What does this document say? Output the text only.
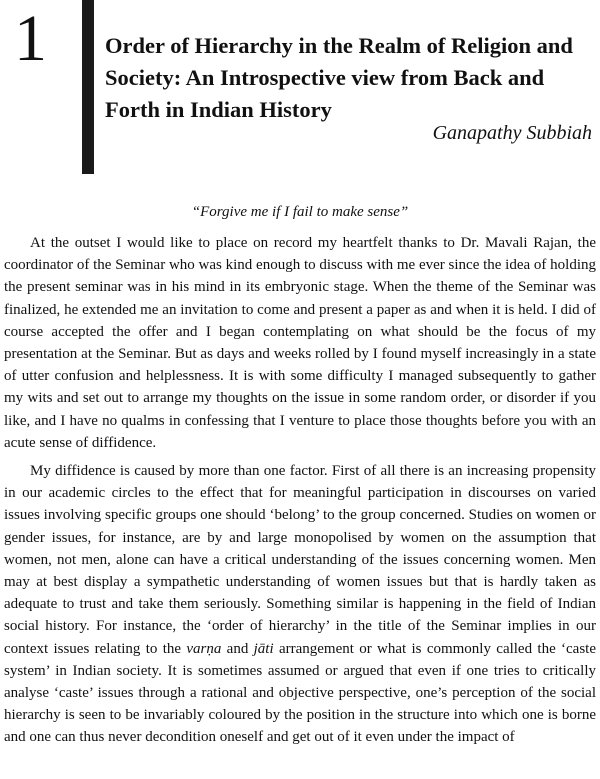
1	Order of Hierarchy in the Realm of Religion and Society: An Introspective view from Back and Forth in Indian History
Ganapathy Subbiah
“Forgive me if I fail to make sense”

At the outset I would like to place on record my heartfelt thanks to Dr. Mavali Rajan, the coordinator of the Seminar who was kind enough to discuss with me ever since the idea of holding the present seminar was in his mind in its embryonic stage. When the theme of the Seminar was finalized, he extended me an invitation to come and present a paper as and when it is held. I did of course accepted the offer and I began contemplating on what should be the focus of my presentation at the Seminar. But as days and weeks rolled by I found myself increasingly in a state of utter confusion and helplessness. It is with some difficulty I managed subsequently to gather my wits and set out to arrange my thoughts on the issue in some random order, or disorder if you like, and I have no qualms in confessing that I venture to place those thoughts before you with an acute sense of diffidence.

My diffidence is caused by more than one factor. First of all there is an increasing propensity in our academic circles to the effect that for meaningful participation in discourses on varied issues involving specific groups one should ‘belong’ to the group concerned. Studies on women or gender issues, for instance, are by and large monopolised by women on the assumption that women, not men, alone can have a critical understanding of the issues concerning women. Men may at best display a sympathetic understanding of women issues but that is hardly taken as adequate to trust and take them seriously. Something similar is happening in the field of Indian social history. For instance, the ‘order of hierarchy’ in the title of the Seminar implies in our context issues relating to the varṇa and jāti arrangement or what is commonly called the ‘caste system’ in Indian society. It is sometimes assumed or argued that even if one tries to critically analyse ‘caste’ issues through a rational and objective perspective, one’s perception of the social hierarchy is seen to be invariably coloured by the position in the structure into which one is borne and one can thus never decondition oneself and get out of it even under the impact of
